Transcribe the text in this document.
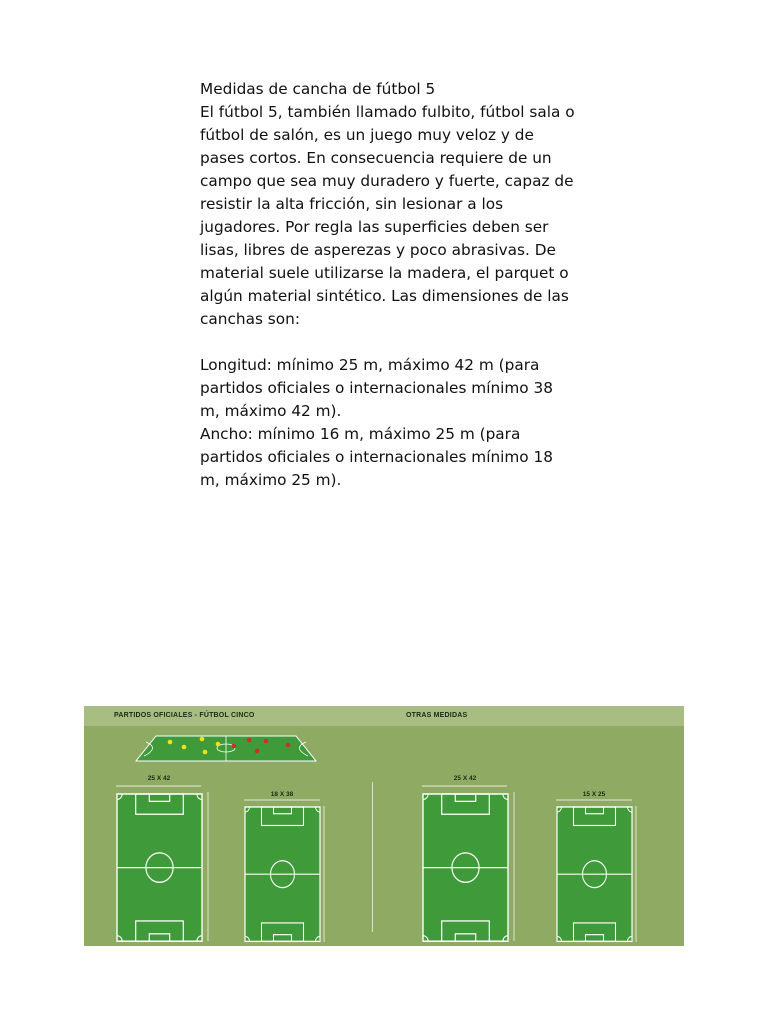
Medidas de cancha de fútbol 5

El fútbol 5, también llamado fulbito, fútbol sala o fútbol de salón, es un juego muy veloz y de pases cortos. En consecuencia requiere de un campo que sea muy duradero y fuerte, capaz de resistir la alta fricción, sin lesionar a los jugadores. Por regla las superficies deben ser lisas, libres de asperezas y poco abrasivas. De material suele utilizarse la madera, el parquet o algún material sintético. Las dimensiones de las canchas son:

Longitud: mínimo 25 m, máximo 42 m (para

partidos oficiales o internacionales mínimo 38

m, máximo 42 m).

Ancho: mínimo 16 m, máximo 25 m (para

partidos oficiales o internacionales mínimo 18

m, máximo 25 m).

PARTIDOS OFICIALES - FÚTBOL CINCO	OTRAS MEDIDAS
25 X 42
18 X 38
25 X 42
15 X 25
